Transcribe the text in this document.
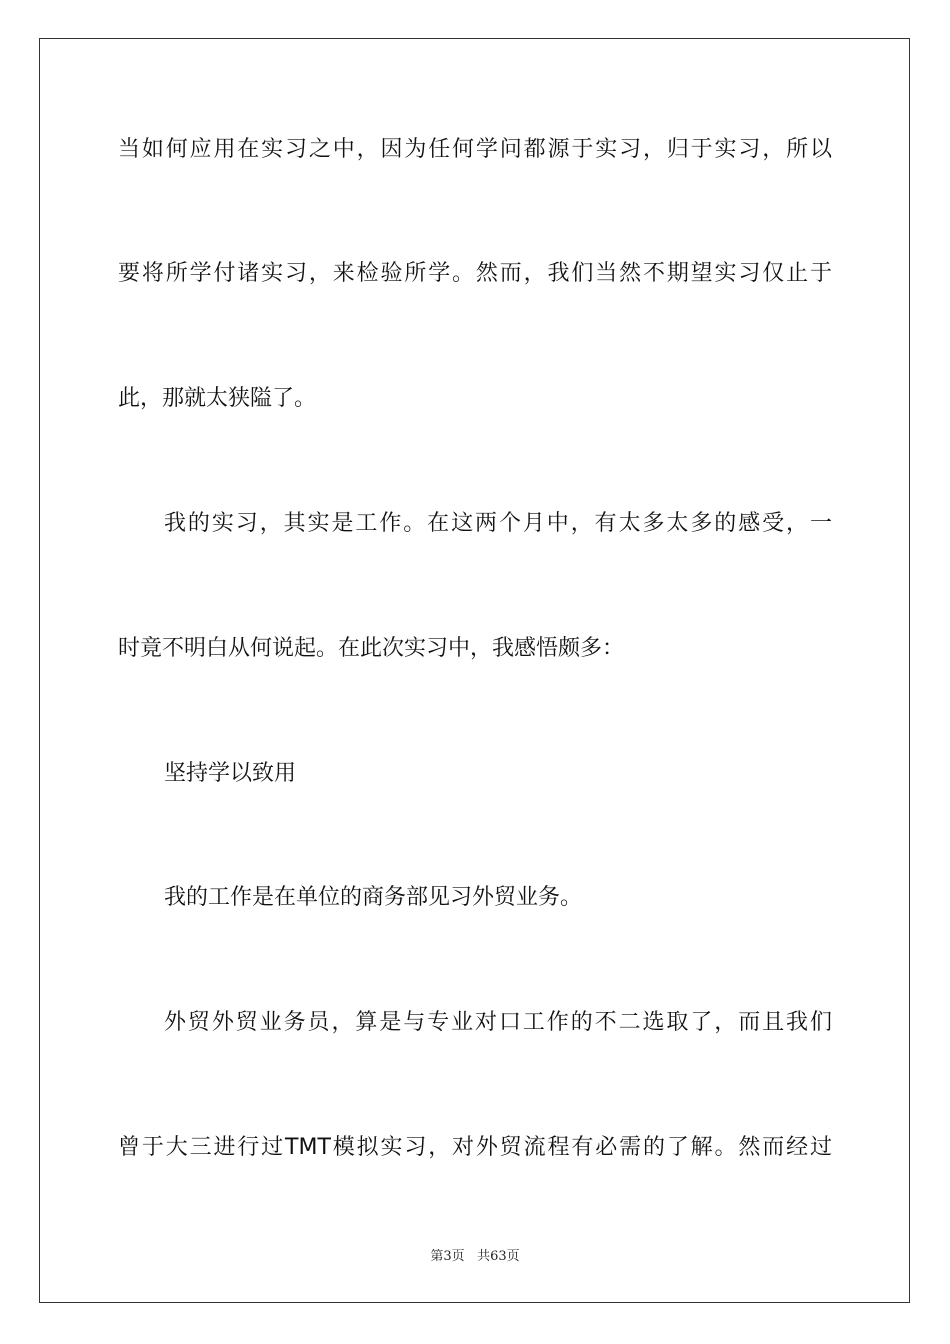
当如何应用在实习之中，因为任何学问都源于实习，归于实习，所以
要将所学付诸实习，来检验所学。然而，我们当然不期望实习仅止于
此，那就太狭隘了。
我的实习，其实是工作。在这两个月中，有太多太多的感受，一
时竟不明白从何说起。在此次实习中，我感悟颇多：
坚持学以致用
我的工作是在单位的商务部见习外贸业务。
外贸外贸业务员，算是与专业对口工作的不二选取了，而且我们
曾于大三进行过TMT模拟实习，对外贸流程有必需的了解。然而经过
第3页 共63页
